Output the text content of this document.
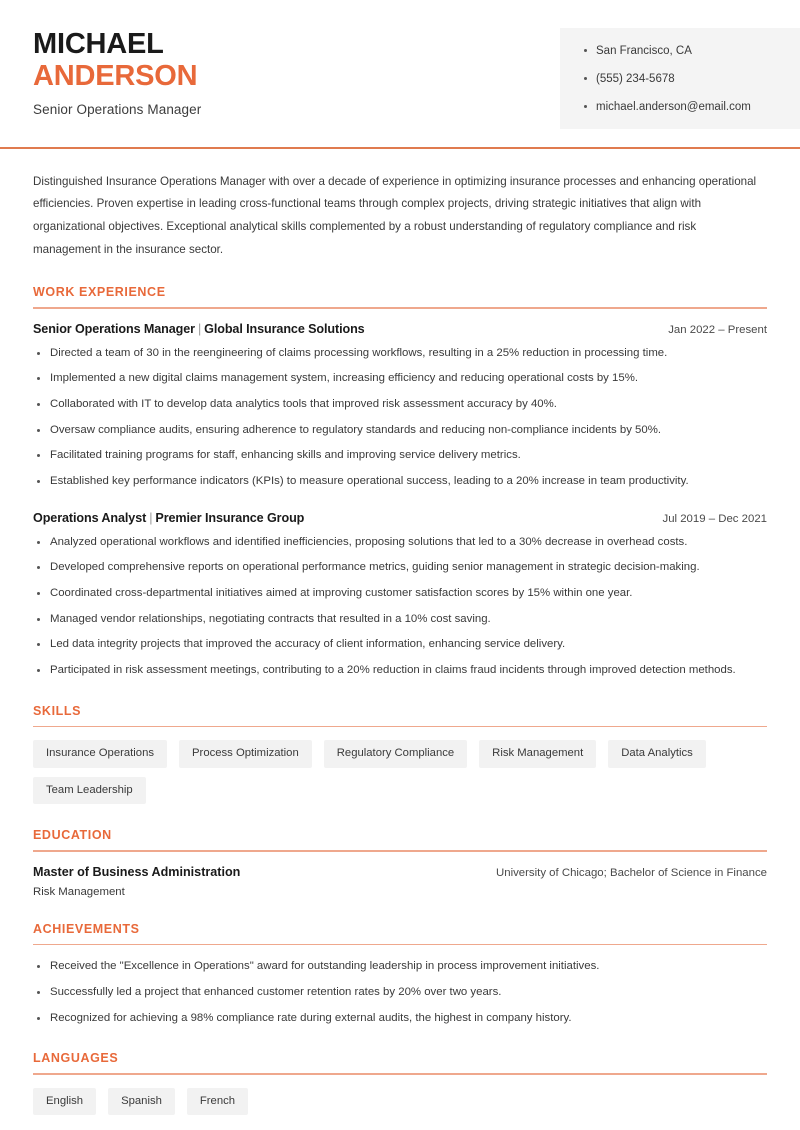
MICHAEL
ANDERSON
Senior Operations Manager
San Francisco, CA
(555) 234-5678
michael.anderson@email.com

Distinguished Insurance Operations Manager with over a decade of experience in optimizing insurance processes and enhancing operational efficiencies. Proven expertise in leading cross-functional teams through complex projects, driving strategic initiatives that align with organizational objectives. Exceptional analytical skills complemented by a robust understanding of regulatory compliance and risk management in the insurance sector.

WORK EXPERIENCE
Senior Operations Manager | Global Insurance Solutions	Jan 2022 – Present
Directed a team of 30 in the reengineering of claims processing workflows, resulting in a 25% reduction in processing time.
Implemented a new digital claims management system, increasing efficiency and reducing operational costs by 15%.
Collaborated with IT to develop data analytics tools that improved risk assessment accuracy by 40%.
Oversaw compliance audits, ensuring adherence to regulatory standards and reducing non-compliance incidents by 50%.
Facilitated training programs for staff, enhancing skills and improving service delivery metrics.
Established key performance indicators (KPIs) to measure operational success, leading to a 20% increase in team productivity.
Operations Analyst | Premier Insurance Group	Jul 2019 – Dec 2021
Analyzed operational workflows and identified inefficiencies, proposing solutions that led to a 30% decrease in overhead costs.
Developed comprehensive reports on operational performance metrics, guiding senior management in strategic decision-making.
Coordinated cross-departmental initiatives aimed at improving customer satisfaction scores by 15% within one year.
Managed vendor relationships, negotiating contracts that resulted in a 10% cost saving.
Led data integrity projects that improved the accuracy of client information, enhancing service delivery.
Participated in risk assessment meetings, contributing to a 20% reduction in claims fraud incidents through improved detection methods.
SKILLS
Insurance Operations	Process Optimization	Regulatory Compliance	Risk Management	Data Analytics
Team Leadership
EDUCATION
Master of Business Administration	University of Chicago; Bachelor of Science in Finance
Risk Management
ACHIEVEMENTS
Received the "Excellence in Operations" award for outstanding leadership in process improvement initiatives.
Successfully led a project that enhanced customer retention rates by 20% over two years.
Recognized for achieving a 98% compliance rate during external audits, the highest in company history.
LANGUAGES
English	Spanish	French
